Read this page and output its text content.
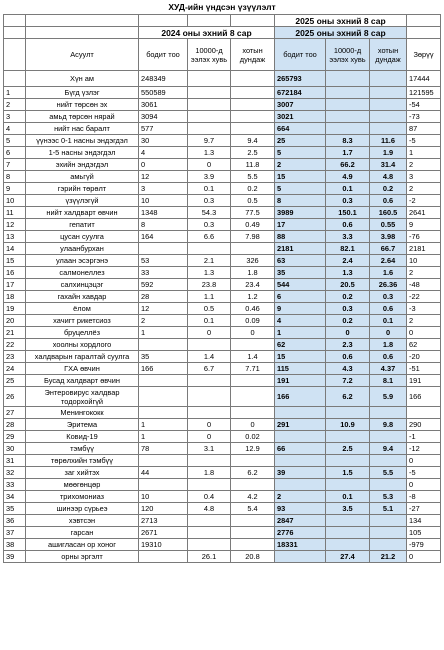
ХУД-ийн үндсэн үзүүлэлт
					2025 оны эхний 8 сар			
		2024 оны эхний 8 сар			2025 оны эхний 8 сар			
	Асуулт	бодит тоо	10000-д ээлэх хувь	хотын дундаж	бодит тоо	10000-д ээлэх хувь	хотын дундаж	Зөрүү
	Хүн ам	248349			265793			17444
1	Бүгд үзлэг	550589			672184			121595
2	нийт төрсөн эх	3061			3007			-54
3	амьд төрсөн нярай	3094			3021			-73
4	нийт нас баралт	577			664			87
5	үүнээс 0-1 насны эндэгдэл	30	9.7	9.4	25	8.3	11.6	-5
6	1-5 насны эндэгдэл	4	1.3	2.5	5	1.7	1.9	1
7	эхийн эндэгдэл	0	0	11.8	2	66.2	31.4	2
8	амьгүй	12	3.9	5.5	15	4.9	4.8	3
9	гэрийн төрөлт	3	0.1	0.2	5	0.1	0.2	2
10	үзүүлэгүй	10	0.3	0.5	8	0.3	0.6	-2
11	нийт халдварт өвчин	1348	54.3	77.5	3989	150.1	160.5	2641
12	гепатит	8	0.3	0.49	17	0.6	0.55	9
13	цусан суулга	164	6.6	7.98	88	3.3	3.98	-76
14	улаанбурхан				2181	82.1	66.7	2181
15	улаан эсэргэнэ	53	2.1	326	63	2.4	2.64	10
16	салмонеллез	33	1.3	1.8	35	1.3	1.6	2
17	салхинцэцэг	592	23.8	23.4	544	20.5	26.36	-48
18	гахайн хавдар	28	1.1	1.2	6	0.2	0.3	-22
19	ёлом	12	0.5	0.46	9	0.3	0.6	-3
20	хачигт рикетсиоз	2	0.1	0.09	4	0.2	0.1	2
21	бруцеллёз	1	0	0	1	0	0	0
22	хоолны хордлого				62	2.3	1.8	62
23	халдварын гаралтай суулга	35	1.4	1.4	15	0.6	0.6	-20
24	ГХА өвчин	166	6.7	7.71	115	4.3	4.37	-51
25	Бусад халдварт өвчин				191	7.2	8.1	191
26	Энтеровирус халдвар тодорхойгүй				166	6.2	5.9	166
27	Менингококк							
28	Эритема	1	0	0	291	10.9	9.8	290
29	Ковид-19	1	0	0.02				-1
30	тэмбүү	78	3.1	12.9	66	2.5	9.4	-12
31	төрөлхийн тэмбүү							0
32	заг хийтэх	44	1.8	6.2	39	1.5	5.5	-5
33	мөөгөнцөр							0
34	трихомониаз	10	0.4	4.2	2	0.1	5.3	-8
35	шинээр сүрьеэ	120	4.8	5.4	93	3.5	5.1	-27
36	хэвтсэн	2713			2847			134
37	гарсан	2671			2776			105
38	ашигласан ор хоног	19310			18331			-979
39	орны эргэлт		26.1	20.8		27.4	21.2	0
